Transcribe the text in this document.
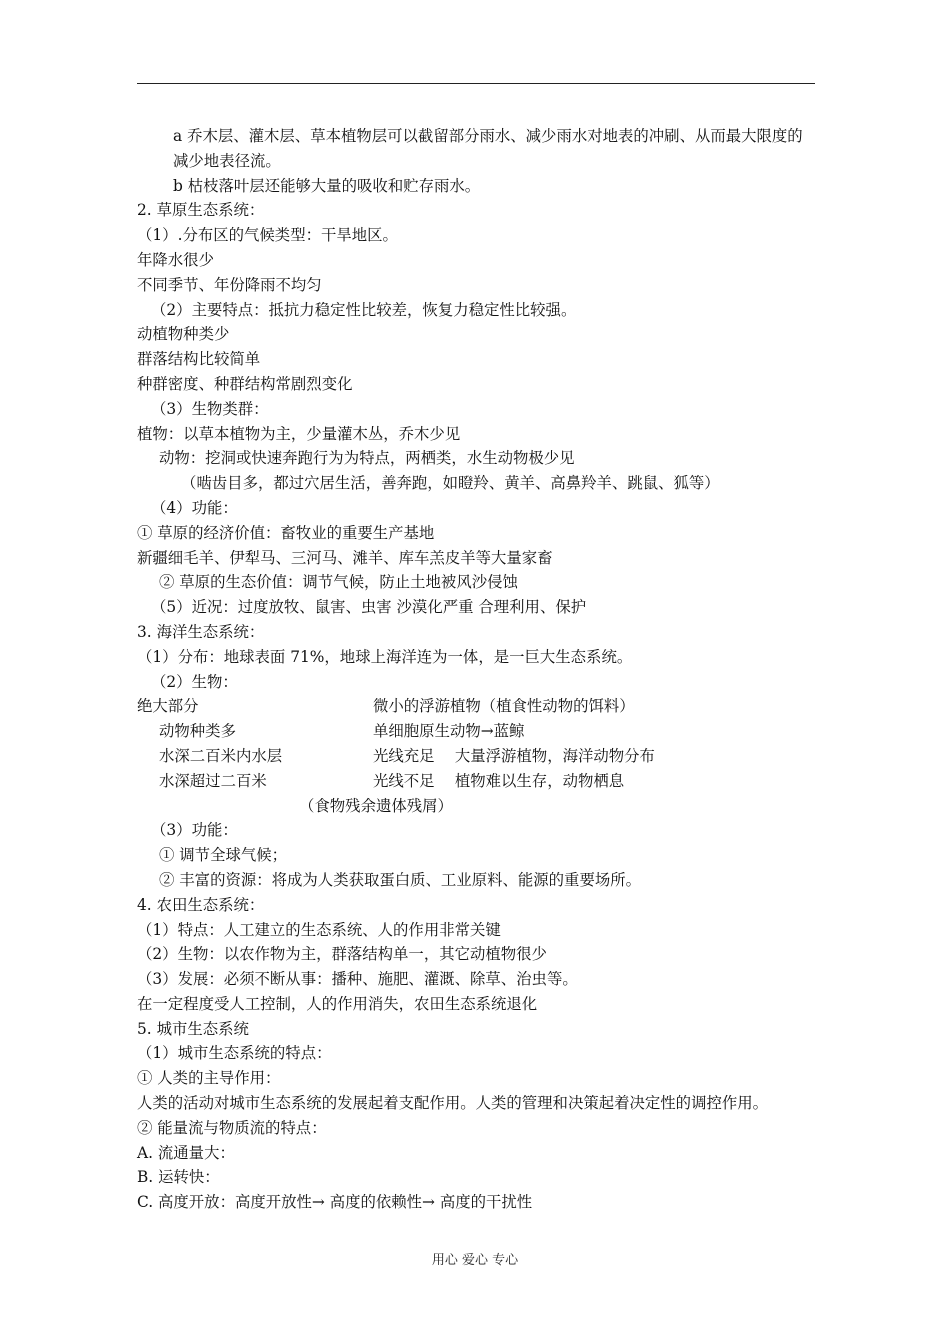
a 乔木层、灌木层、草本植物层可以截留部分雨水、减少雨水对地表的冲刷、从而最大限度的减少地表径流。
b 枯枝落叶层还能够大量的吸收和贮存雨水。
2. 草原生态系统：
（1）.分布区的气候类型：干旱地区。
年降水很少
不同季节、年份降雨不均匀
（2）主要特点：抵抗力稳定性比较差，恢复力稳定性比较强。
动植物种类少
群落结构比较简单
种群密度、种群结构常剧烈变化
（3）生物类群：
植物：以草本植物为主，少量灌木丛，乔木少见
动物：挖洞或快速奔跑行为为特点，两栖类，水生动物极少见
（啮齿目多，都过穴居生活，善奔跑，如瞪羚、黄羊、高鼻羚羊、跳鼠、狐等）
（4）功能：
① 草原的经济价值：畜牧业的重要生产基地
新疆细毛羊、伊犁马、三河马、滩羊、库车羔皮羊等大量家畜
② 草原的生态价值：调节气候，防止土地被风沙侵蚀
（5）近况：过度放牧、鼠害、虫害 沙漠化严重 合理利用、保护
3. 海洋生态系统：
（1）分布：地球表面 71%，地球上海洋连为一体，是一巨大生态系统。
（2）生物：
绝大部分	微小的浮游植物（植食性动物的饵料）
动物种类多	单细胞原生动物→蓝鲸
水深二百米内水层	光线充足　 大量浮游植物，海洋动物分布
水深超过二百米	光线不足　 植物难以生存，动物栖息
（食物残余遗体残屑）
（3）功能：
① 调节全球气候；
② 丰富的资源：将成为人类获取蛋白质、工业原料、能源的重要场所。
4. 农田生态系统：
（1）特点：人工建立的生态系统、人的作用非常关键
（2）生物：以农作物为主，群落结构单一，其它动植物很少
（3）发展：必须不断从事：播种、施肥、灌溉、除草、治虫等。
在一定程度受人工控制，人的作用消失，农田生态系统退化
5. 城市生态系统
（1）城市生态系统的特点：
① 人类的主导作用：
人类的活动对城市生态系统的发展起着支配作用。人类的管理和决策起着决定性的调控作用。
② 能量流与物质流的特点：
A. 流通量大：
B. 运转快：
C. 高度开放：高度开放性→ 高度的依赖性→ 高度的干扰性
用心 爱心 专心
